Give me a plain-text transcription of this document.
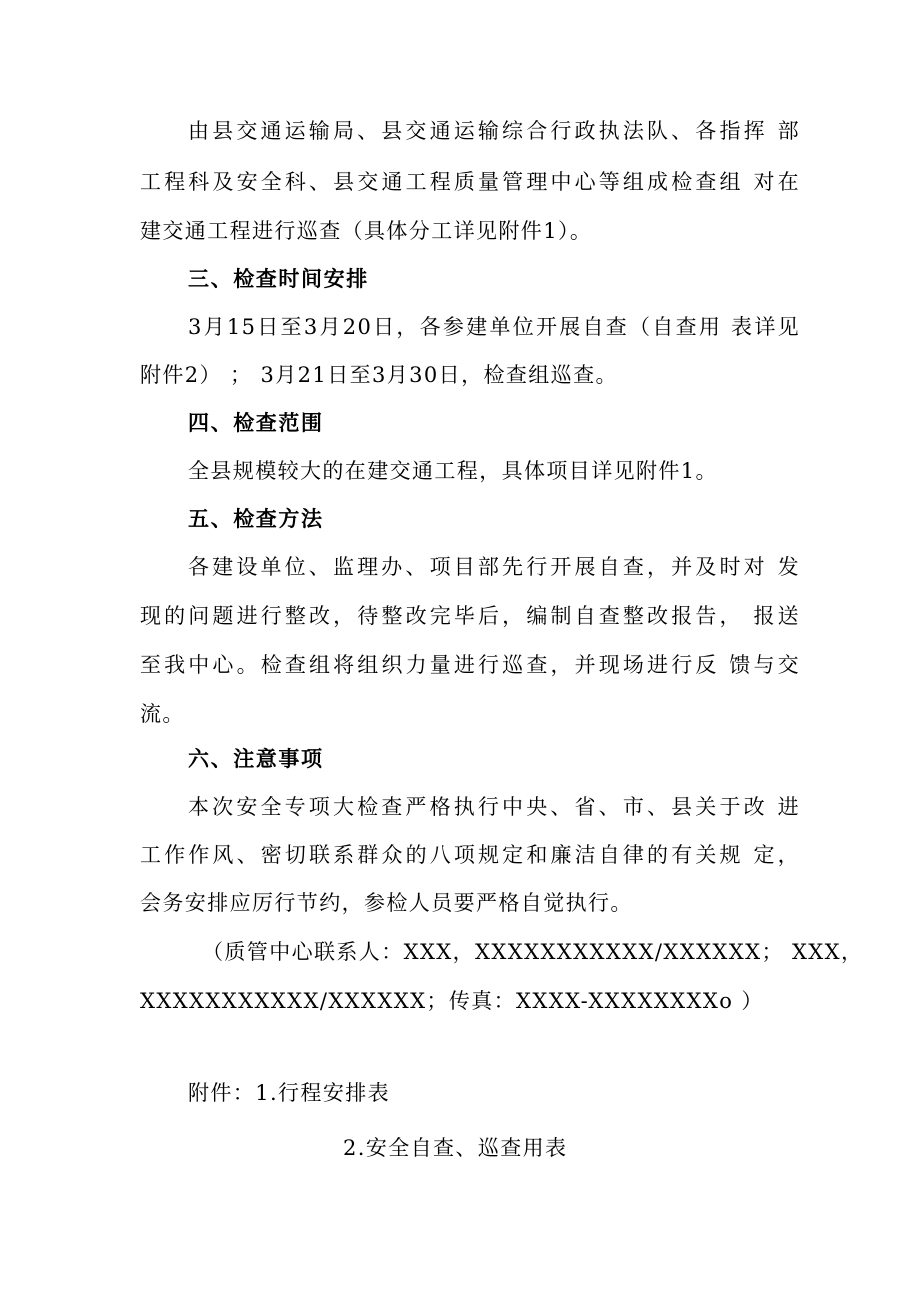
由县交通运输局、县交通运输综合行政执法队、各指挥 部
工程科及安全科、县交通工程质量管理中心等组成检查组 对在
建交通工程进行巡查（具体分工详见附件1）。
三、检查时间安排
3月15日至3月20日，各参建单位开展自查（自查用 表详见
附件2） ； 3月21日至3月30日，检查组巡查。
四、检查范围
全县规模较大的在建交通工程，具体项目详见附件1。
五、检查方法
各建设单位、监理办、项目部先行开展自查，并及时对 发
现的问题进行整改，待整改完毕后，编制自查整改报告， 报送
至我中心。检查组将组织力量进行巡查，并现场进行反 馈与交
流。
六、注意事项
本次安全专项大检查严格执行中央、省、市、县关于改 进
工作作风、密切联系群众的八项规定和廉洁自律的有关规 定，
会务安排应厉行节约，参检人员要严格自觉执行。
（质管中心联系人：XXX，XXXXXXXXXXX/XXXXXX； XXX，
XXXXXXXXXXX/XXXXXX；传真：XXXX-XXXXXXXXo ）
附件：1.行程安排表
2.安全自查、巡查用表
